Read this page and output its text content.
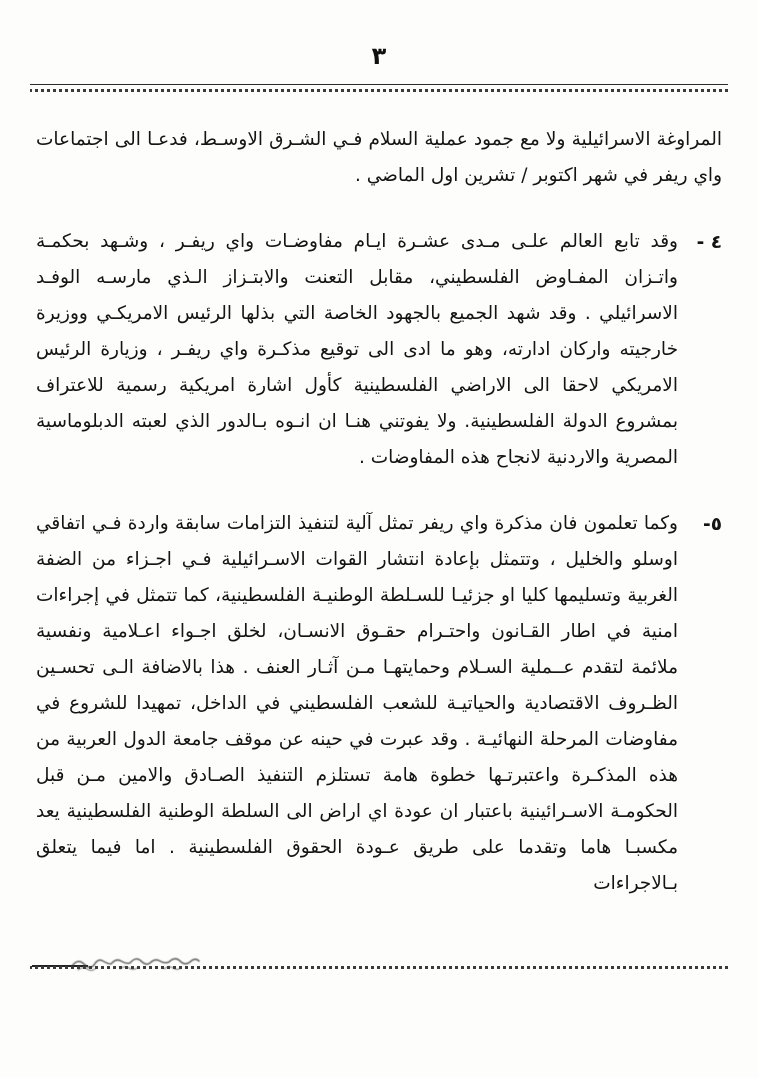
٣

المراوغة الاسرائيلية ولا مع جمود عملية السلام فـي الشـرق الاوسـط، فدعـا الى اجتماعات واي ريفر في شهر اكتوبر / تشرين اول الماضي .

٤ -
وقد تابع العالم علـى مـدى عشـرة ايـام مفاوضـات واي ريفـر ، وشـهد بحكمـة واتـزان المفـاوض الفلسطيني، مقابل التعنت والابتـزاز الـذي مارسـه الوفـد الاسرائيلي . وقد شهد الجميع بالجهود الخاصة التي بذلها الرئيس الامريكـي ووزيرة خارجيته واركان ادارته، وهو ما ادى الى توقيع مذكـرة واي ريفـر ، وزيارة الرئيس الامريكي لاحقا الى الاراضي الفلسطينية كأول اشارة امريكية رسمية للاعتراف بمشروع الدولة الفلسطينية. ولا يفوتني هنـا ان انـوه بـالدور الذي لعبته الدبلوماسية المصرية والاردنية لانجاح هذه المفاوضات .
٥-
وكما تعلمون فان مذكرة واي ريفر تمثل آلية لتنفيذ التزامات سابقة واردة فـي اتفاقي اوسلو والخليل ، وتتمثل بإعادة انتشار القوات الاسـرائيلية فـي اجـزاء من الضفة الغربية وتسليمها كليا او جزئيـا للسـلطة الوطنيـة الفلسطينية، كما تتمثل في إجراءات امنية في اطار القـانون واحتـرام حقـوق الانسـان، لخلق اجـواء اعـلامية ونفسية ملائمة لتقدم عــملية السـلام وحمايتهـا مـن آثـار العنف . هذا بالاضافة الـى تحسـين الظـروف الاقتصادية والحياتيـة للشعب الفلسطيني في الداخل، تمهيدا للشروع في مفاوضات المرحلة النهائيـة . وقد عبرت في حينه عن موقف جامعة الدول العربية من هذه المذكـرة واعتبرتـها خطوة هامة تستلزم التنفيذ الصـادق والامين مـن قبل الحكومـة الاسـرائينية باعتبار ان عودة اي اراض الى السلطة الوطنية الفلسطينية يعد مكسبـا هاما وتقدما على طريق عـودة الحقوق الفلسطينية . اما فيما يتعلق بـالاجراءات
